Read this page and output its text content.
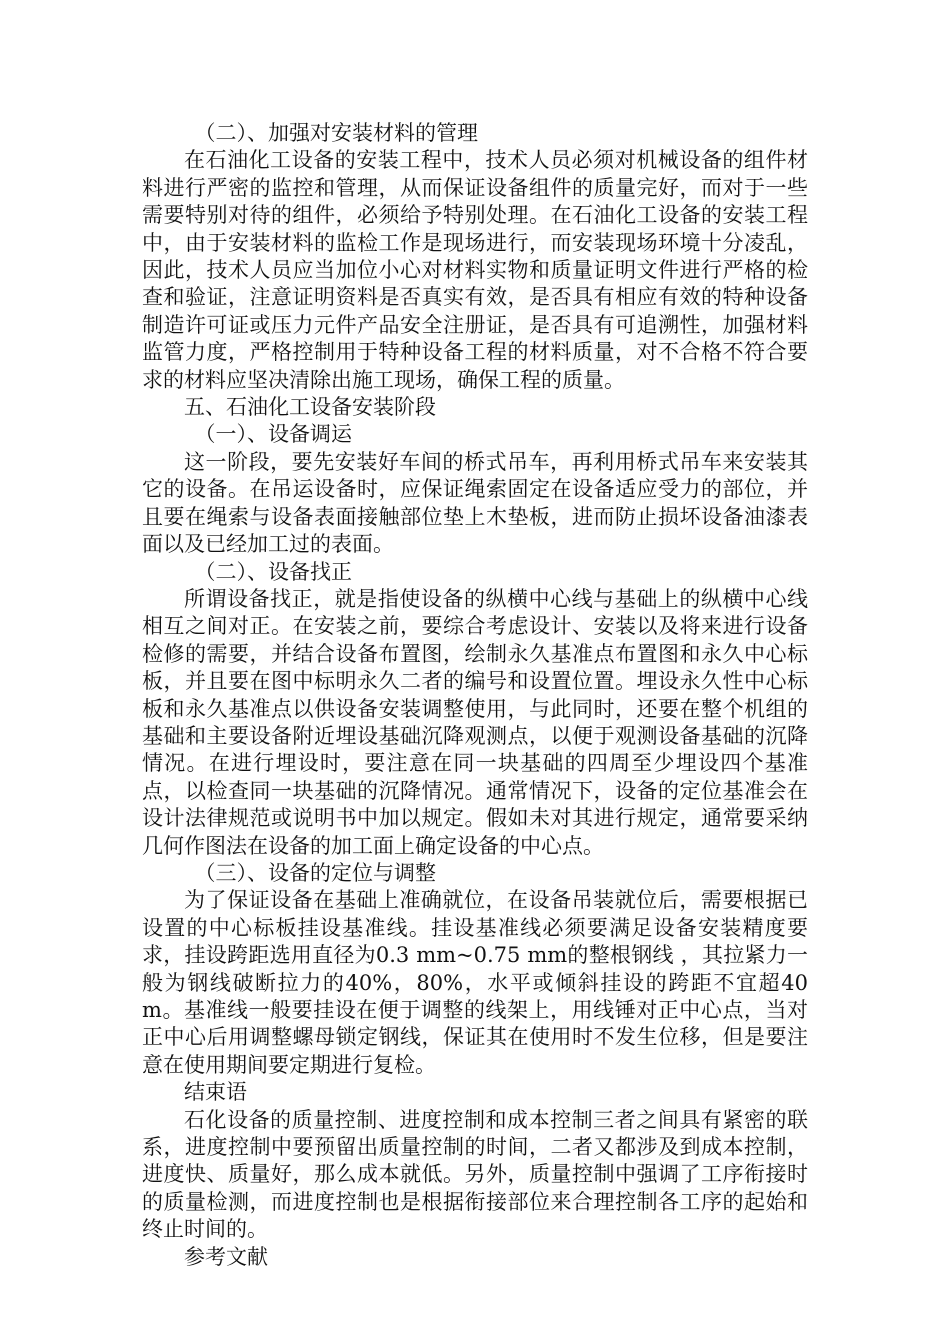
（二）、加强对安装材料的管理

在石油化工设备的安装工程中，技术人员必须对机械设备的组件材料进行严密的监控和管理，从而保证设备组件的质量完好，而对于一些需要特别对待的组件，必须给予特别处理。在石油化工设备的安装工程中，由于安装材料的监检工作是现场进行，而安装现场环境十分凌乱，因此，技术人员应当加位小心对材料实物和质量证明文件进行严格的检查和验证，注意证明资料是否真实有效，是否具有相应有效的特种设备制造许可证或压力元件产品安全注册证，是否具有可追溯性，加强材料监管力度，严格控制用于特种设备工程的材料质量，对不合格不符合要求的材料应坚决清除出施工现场，确保工程的质量。

五、石油化工设备安装阶段

（一）、设备调运

这一阶段，要先安装好车间的桥式吊车，再利用桥式吊车来安装其它的设备。在吊运设备时，应保证绳索固定在设备适应受力的部位，并且要在绳索与设备表面接触部位垫上木垫板，进而防止损坏设备油漆表面以及已经加工过的表面。

（二）、设备找正

所谓设备找正，就是指使设备的纵横中心线与基础上的纵横中心线相互之间对正。在安装之前，要综合考虑设计、安装以及将来进行设备检修的需要，并结合设备布置图，绘制永久基准点布置图和永久中心标板，并且要在图中标明永久二者的编号和设置位置。埋设永久性中心标板和永久基准点以供设备安装调整使用，与此同时，还要在整个机组的基础和主要设备附近埋设基础沉降观测点，以便于观测设备基础的沉降情况。在进行埋设时，要注意在同一块基础的四周至少埋设四个基准点，以检查同一块基础的沉降情况。通常情况下，设备的定位基准会在设计法律规范或说明书中加以规定。假如未对其进行规定，通常要采纳几何作图法在设备的加工面上确定设备的中心点。

（三）、设备的定位与调整

为了保证设备在基础上准确就位，在设备吊装就位后，需要根据已设置的中心标板挂设基准线。挂设基准线必须要满足设备安装精度要求，挂设跨距选用直径为0.3 mm~0.75 mm的整根钢线 ，其拉紧力一般为钢线破断拉力的40%，80%，水平或倾斜挂设的跨距不宜超40 m。基准线一般要挂设在便于调整的线架上，用线锤对正中心点，当对正中心后用调整螺母锁定钢线，保证其在使用时不发生位移，但是要注意在使用期间要定期进行复检。

结束语

石化设备的质量控制、进度控制和成本控制三者之间具有紧密的联系，进度控制中要预留出质量控制的时间，二者又都涉及到成本控制，进度快、质量好，那么成本就低。另外，质量控制中强调了工序衔接时的质量检测，而进度控制也是根据衔接部位来合理控制各工序的起始和终止时间的。

参考文献
